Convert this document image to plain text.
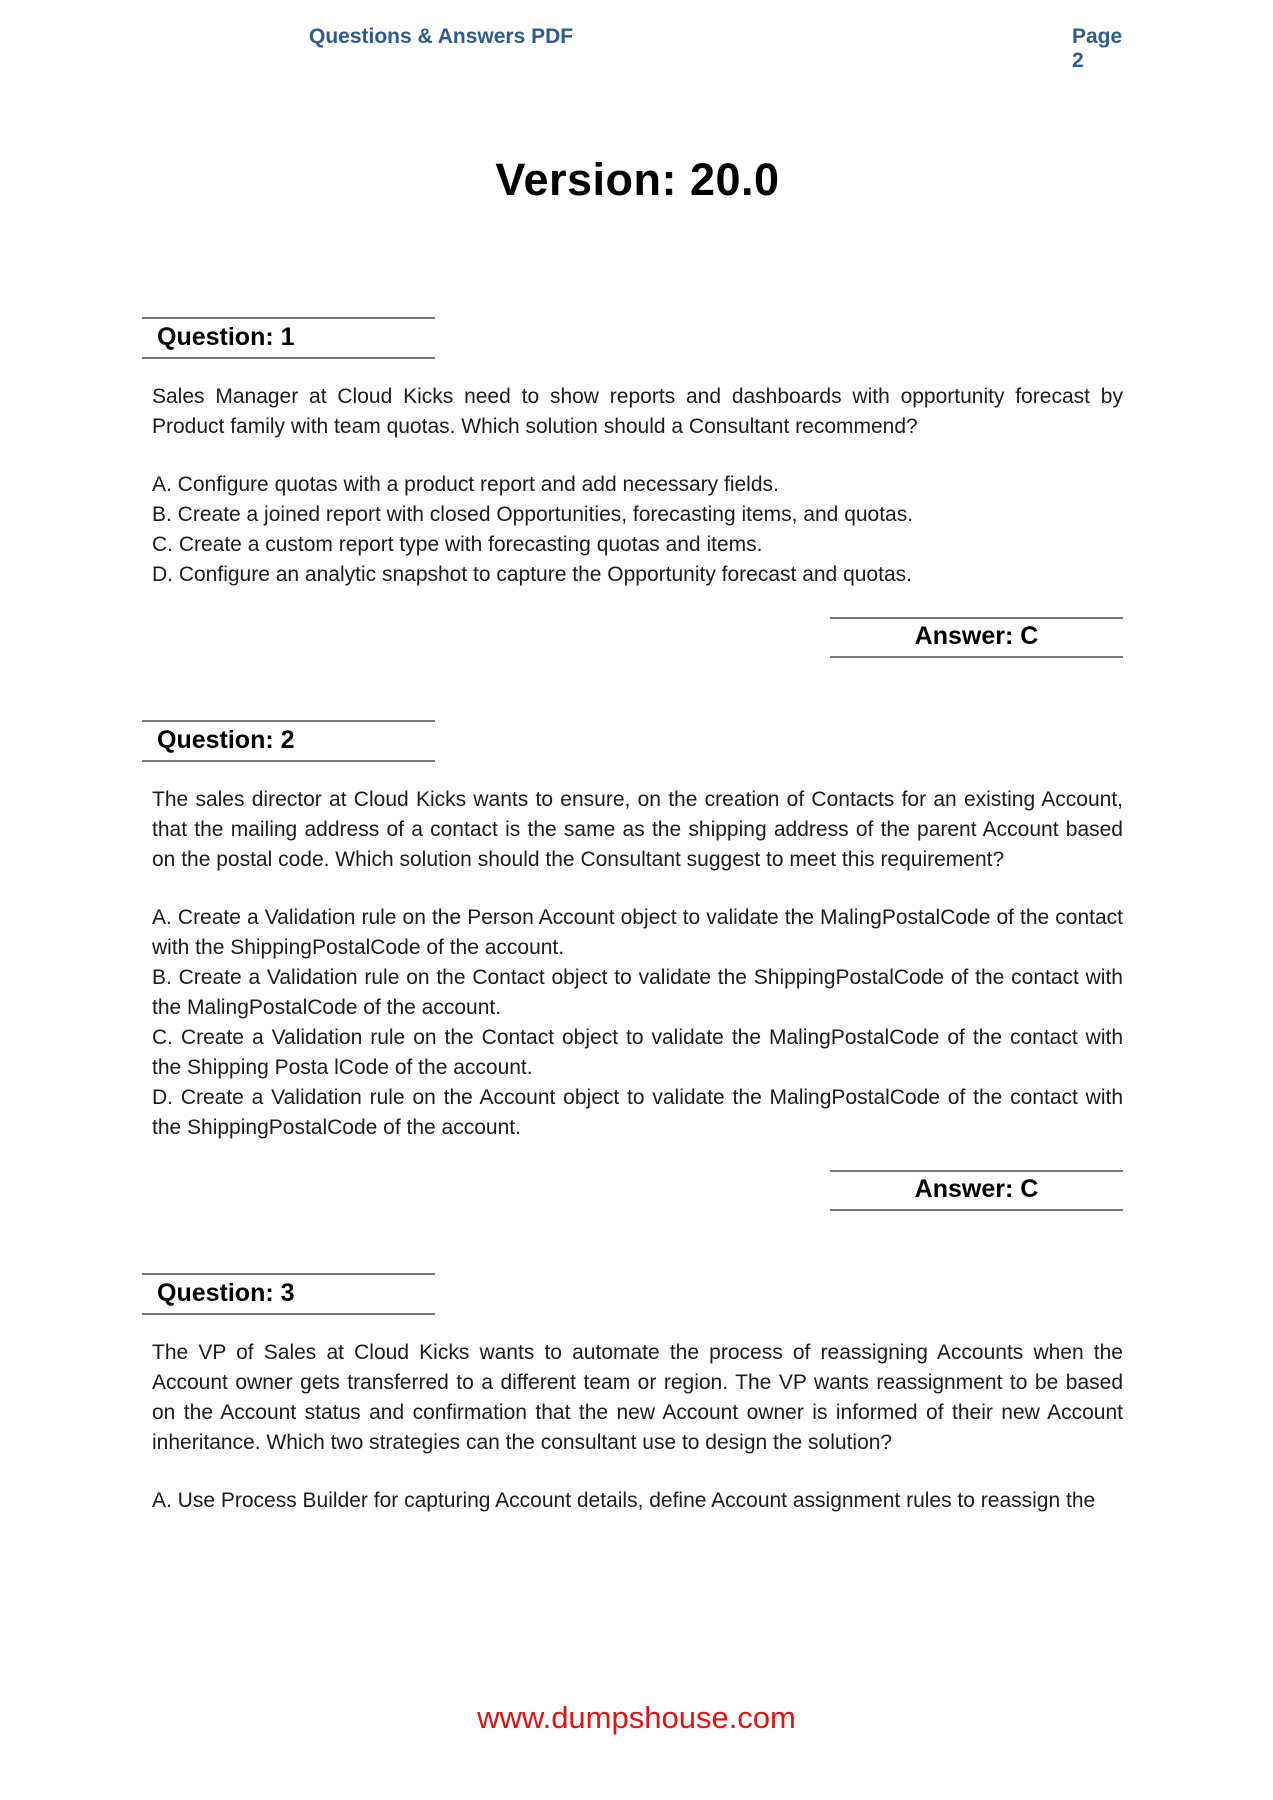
Questions & Answers PDF	Page 2
Version: 20.0
Question: 1

Sales Manager at Cloud Kicks need to show reports and dashboards with opportunity forecast by Product family with team quotas. Which solution should a Consultant recommend?

A. Configure quotas with a product report and add necessary fields.

B. Create a joined report with closed Opportunities, forecasting items, and quotas.

C. Create a custom report type with forecasting quotas and items.

D. Configure an analytic snapshot to capture the Opportunity forecast and quotas.

Answer: C
Question: 2

The sales director at Cloud Kicks wants to ensure, on the creation of Contacts for an existing Account, that the mailing address of a contact is the same as the shipping address of the parent Account based on the postal code. Which solution should the Consultant suggest to meet this requirement?

A. Create a Validation rule on the Person Account object to validate the MalingPostalCode of the contact with the ShippingPostalCode of the account.

B. Create a Validation rule on the Contact object to validate the ShippingPostalCode of the contact with the MalingPostalCode of the account.

C. Create a Validation rule on the Contact object to validate the MalingPostalCode of the contact with the Shipping Posta lCode of the account.

D. Create a Validation rule on the Account object to validate the MalingPostalCode of the contact with the ShippingPostalCode of the account.

Answer: C
Question: 3

The VP of Sales at Cloud Kicks wants to automate the process of reassigning Accounts when the Account owner gets transferred to a different team or region. The VP wants reassignment to be based on the Account status and confirmation that the new Account owner is informed of their new Account inheritance. Which two strategies can the consultant use to design the solution?

A. Use Process Builder for capturing Account details, define Account assignment rules to reassign the

www.dumpshouse.com
